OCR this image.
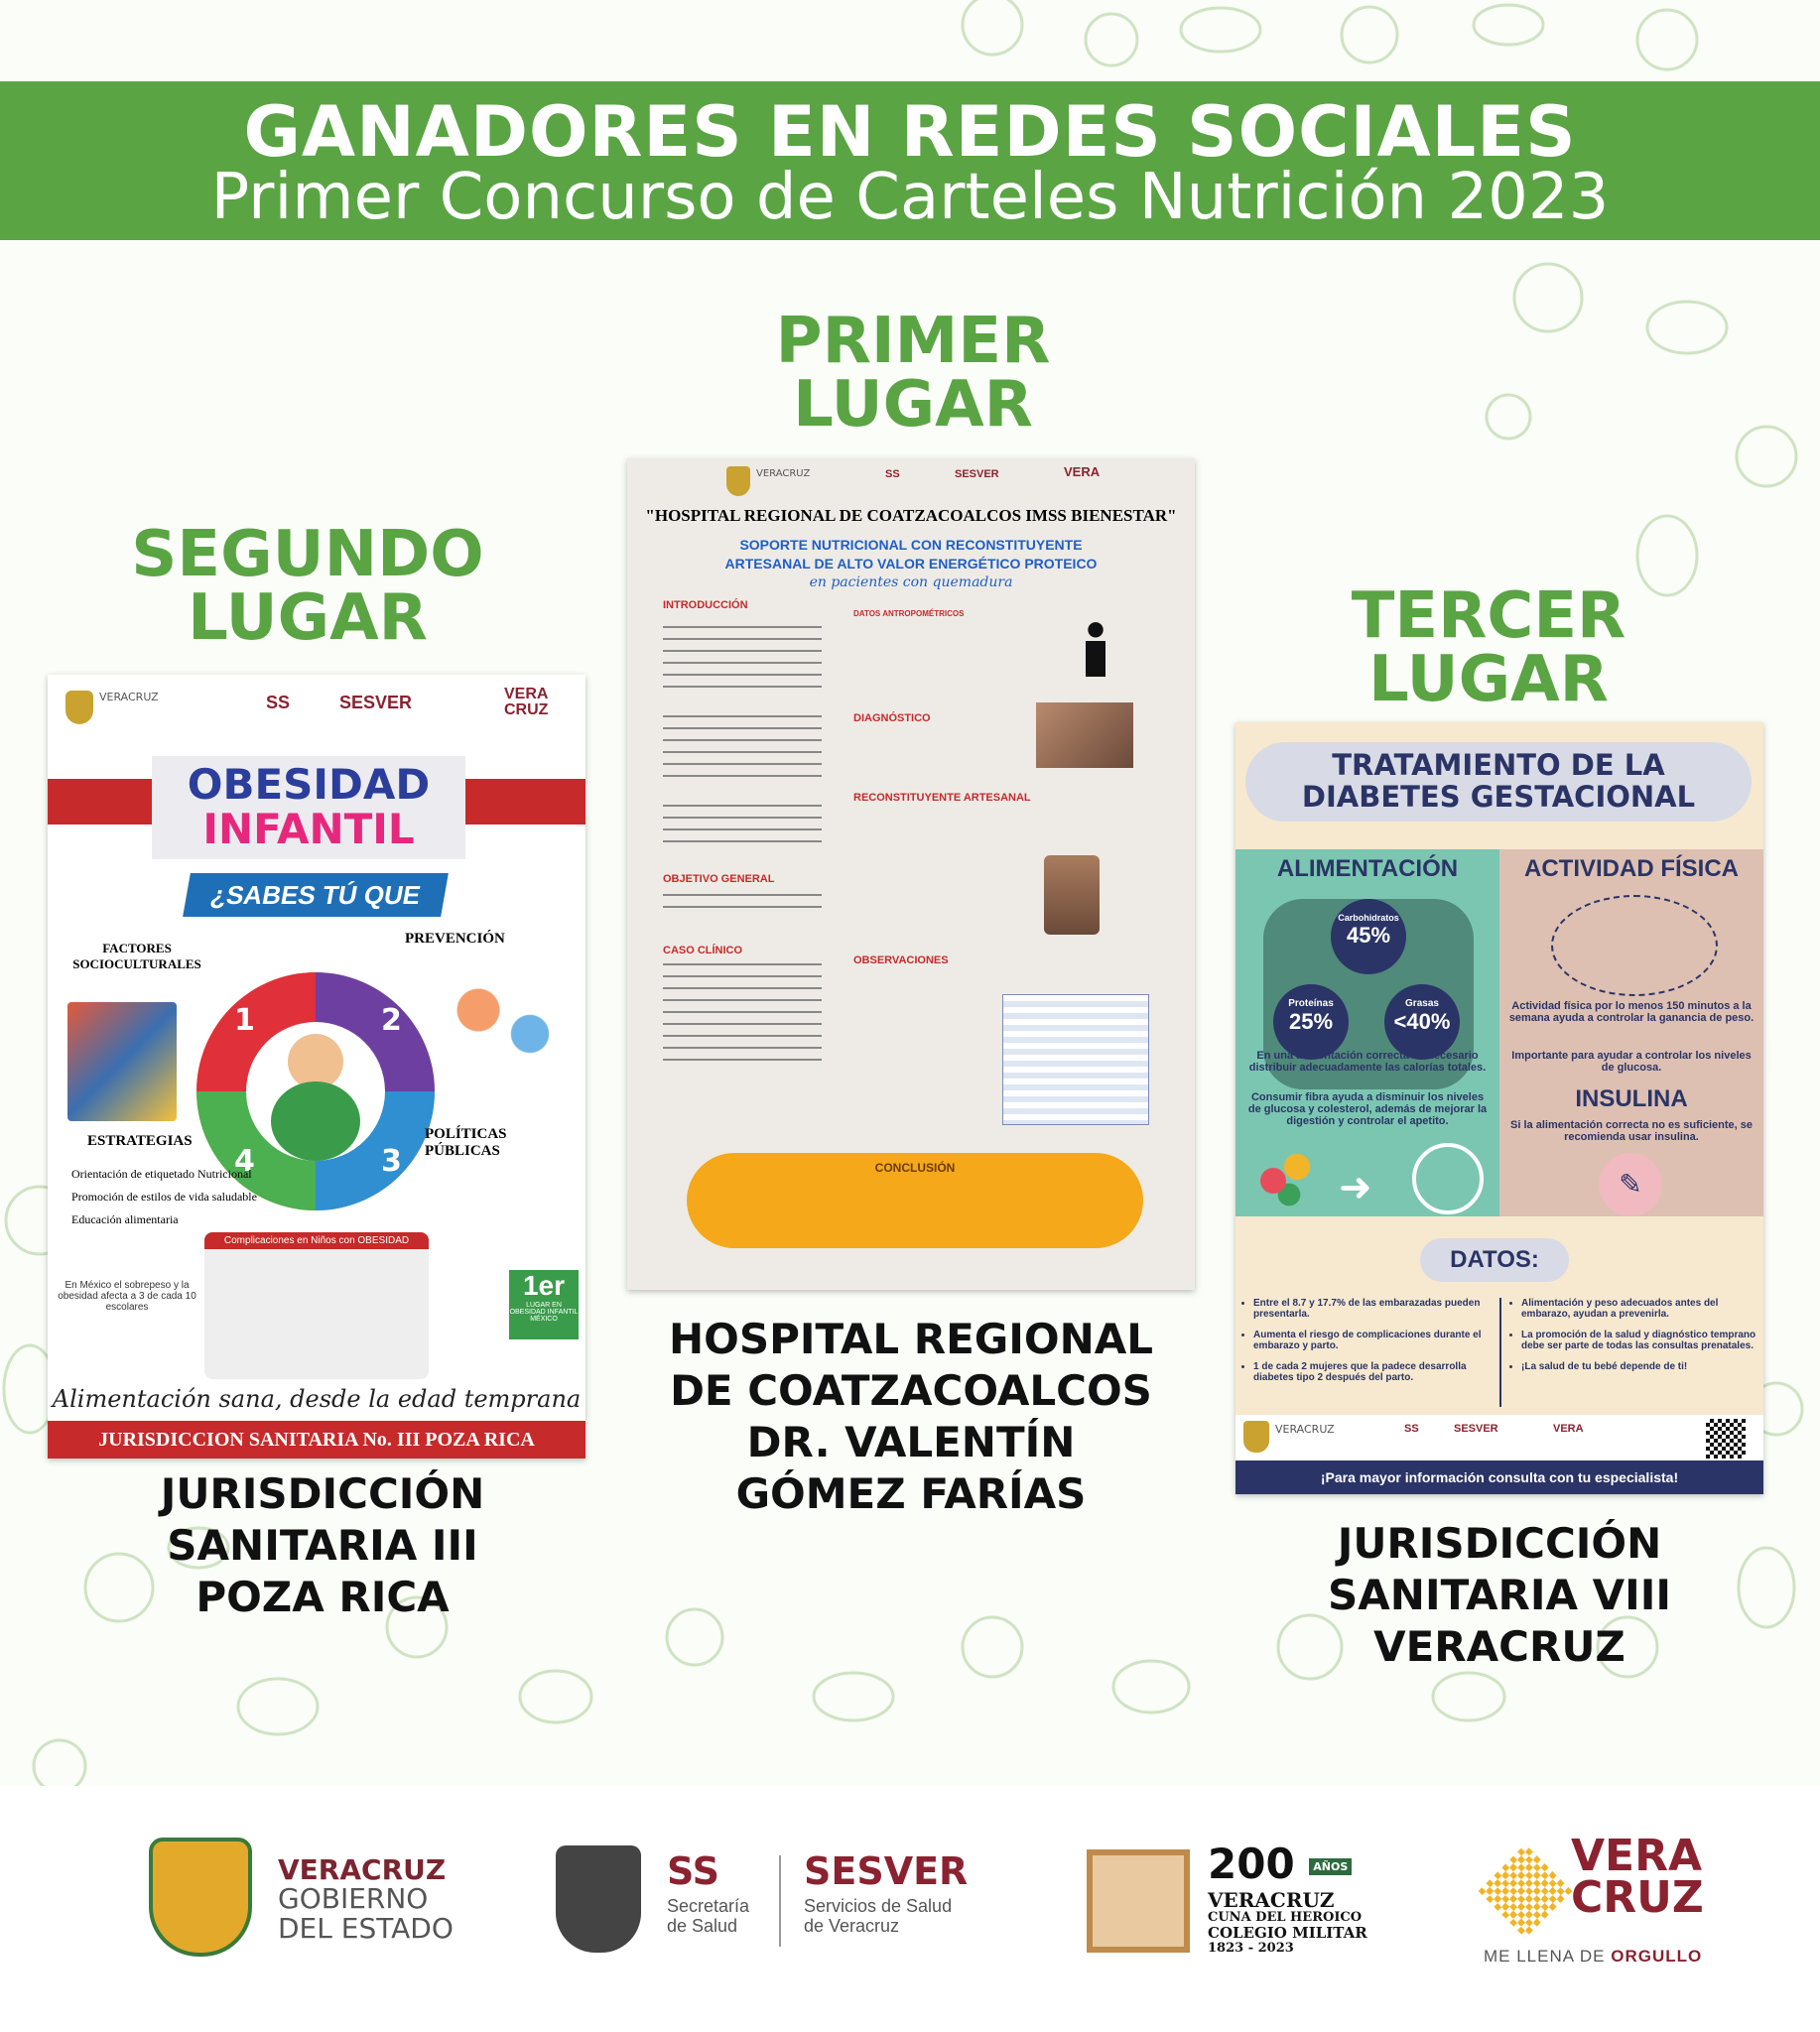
GANADORES EN REDES SOCIALES
Primer Concurso de Carteles Nutrición 2023
PRIMER
LUGAR
SEGUNDO
LUGAR	TERCER
LUGAR
VERACRUZ	SS	SESVER	VERA
CRUZ
OBESIDAD
INFANTIL
¿SABES TÚ QUE ES?
FACTORES SOCIOCULTURALES
PREVENCIÓN
1	2
3
4
ESTRATEGIAS	POLÍTICAS PÚBLICAS
Orientación de etiquetado Nutricional
Promoción de estilos de vida saludable
Educación alimentaria
En México el sobrepeso y la obesidad afecta a 3 de cada 10 escolares
Complicaciones en Niños con OBESIDAD
1er
LUGAR EN OBESIDAD INFANTIL MÉXICO
Alimentación sana, desde la edad temprana
JURISDICCION SANITARIA No. III POZA RICA
VERACRUZ	SS	SESVER	VERA
"HOSPITAL REGIONAL DE COATZACOALCOS IMSS BIENESTAR"
SOPORTE NUTRICIONAL CON RECONSTITUYENTE
ARTESANAL DE ALTO VALOR ENERGÉTICO PROTEICO
en pacientes con quemadura
INTRODUCCIÓN
DATOS ANTROPOMÉTRICOS
DIAGNÓSTICO
RECONSTITUYENTE ARTESANAL
OBJETIVO GENERAL
CASO CLÍNICO
OBSERVACIONES
CONCLUSIÓN
TRATAMIENTO DE LA
DIABETES GESTACIONAL
ALIMENTACIÓN
Carbohidratos
45%
Proteínas
25%
Grasas
<40%
En una alimentación correcta es necesario distribuir adecuadamente las calorías totales.
Consumir fibra ayuda a disminuir los niveles de glucosa y colesterol, además de mejorar la digestión y controlar el apetito.
➜
ACTIVIDAD FÍSICA
Actividad física por lo menos 150 minutos a la semana ayuda a controlar la ganancia de peso.
Importante para ayudar a controlar los niveles de glucosa.
INSULINA
Si la alimentación correcta no es suficiente, se recomienda usar insulina.
✎
DATOS:
• Entre el 8.7 y 17.7% de las embarazadas pueden presentarla.
• Aumenta el riesgo de complicaciones durante el embarazo y parto.
• 1 de cada 2 mujeres que la padece desarrolla diabetes tipo 2 después del parto.
• Alimentación y peso adecuados antes del embarazo, ayudan a prevenirla.
• La promoción de la salud y diagnóstico temprano debe ser parte de todas las consultas prenatales.
• ¡La salud de tu bebé depende de ti!
VERACRUZ	SS	SESVER	VERA
¡Para mayor información consulta con tu especialista!
HOSPITAL REGIONAL
DE COATZACOALCOS
DR. VALENTÍN
GÓMEZ FARÍAS
JURISDICCIÓN
SANITARIA III
POZA RICA
JURISDICCIÓN
SANITARIA VIII
VERACRUZ
VERACRUZ
GOBIERNO
DEL ESTADO
SS
Secretaría
de Salud
SESVER
Servicios de Salud
de Veracruz
200 AÑOS
VERACRUZ
CUNA DEL HEROICO
COLEGIO MILITAR
1823 - 2023
VERA
CRUZ
ME LLENA DE ORGULLO
